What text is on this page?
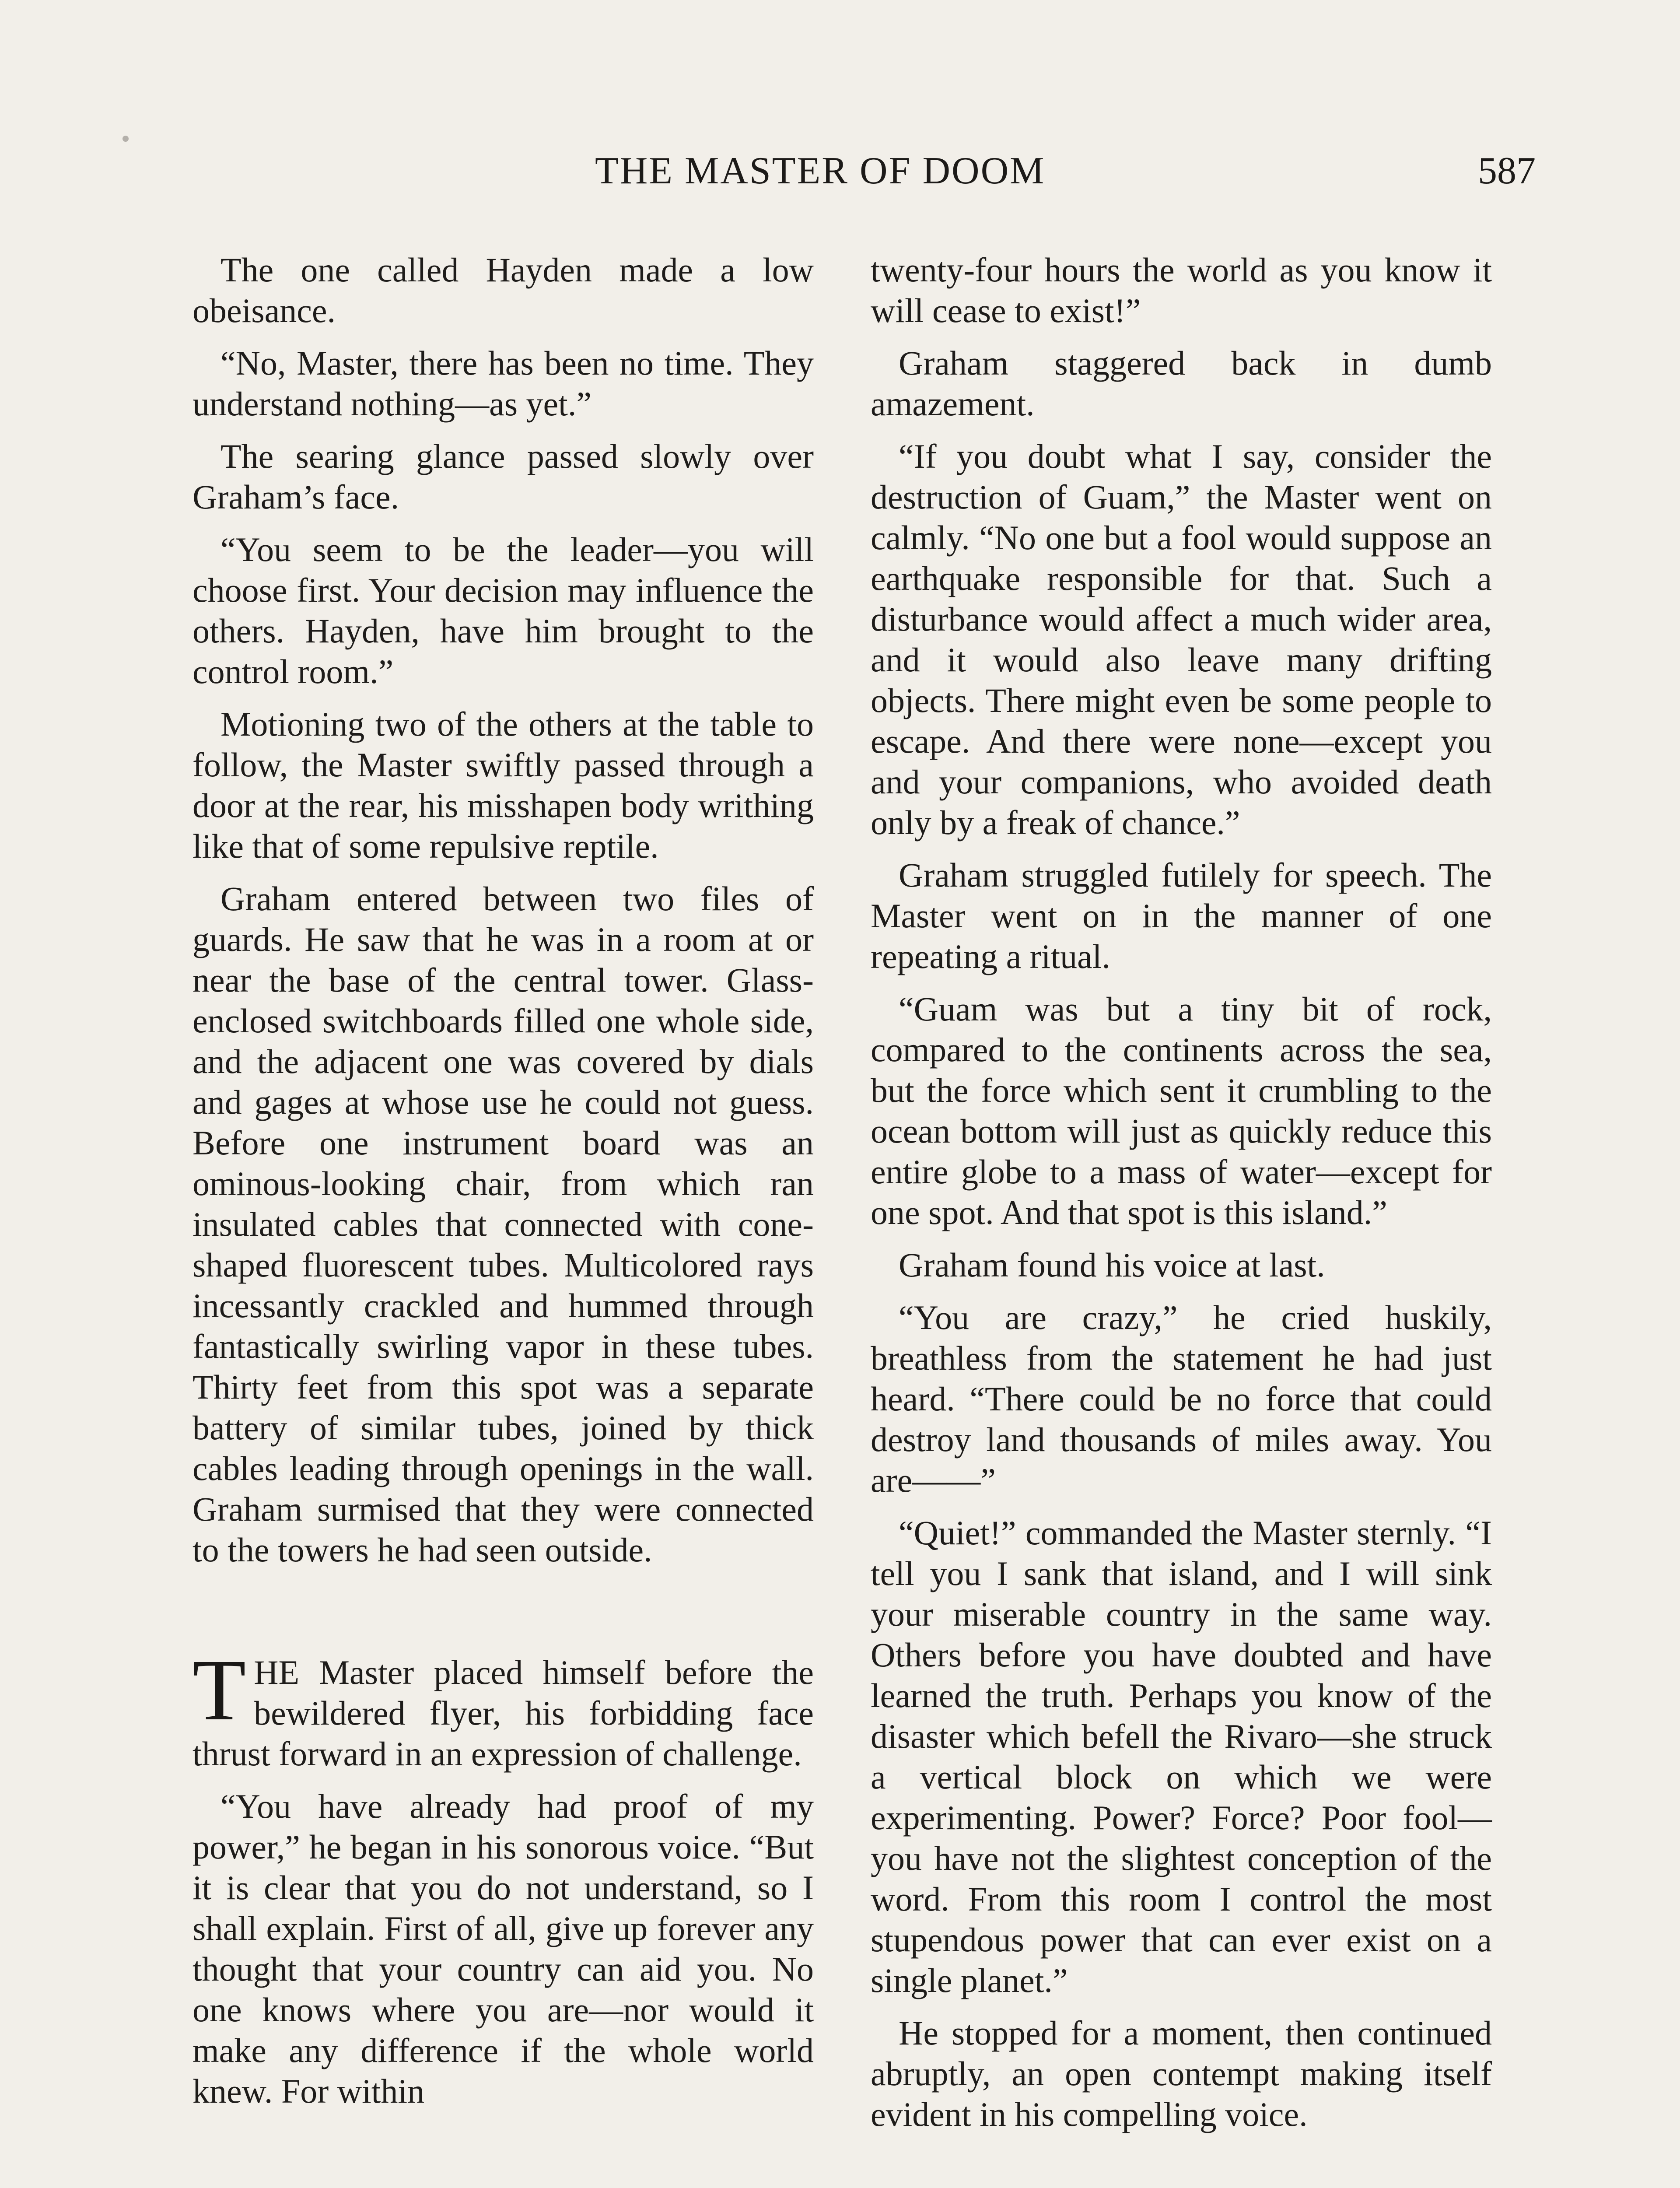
THE MASTER OF DOOM	587

The one called Hayden made a low obeisance.

“No, Master, there has been no time. They understand nothing—as yet.”

The searing glance passed slowly over Graham’s face.

“You seem to be the leader—you will choose first. Your decision may influence the others. Hayden, have him brought to the control room.”

Motioning two of the others at the table to follow, the Master swiftly passed through a door at the rear, his misshapen body writhing like that of some repulsive reptile.

Graham entered between two files of guards. He saw that he was in a room at or near the base of the central tower. Glass-enclosed switchboards filled one whole side, and the adjacent one was covered by dials and gages at whose use he could not guess. Before one instrument board was an ominous-looking chair, from which ran insulated cables that connected with cone-shaped fluorescent tubes. Multicolored rays incessantly crackled and hummed through fantastically swirling vapor in these tubes. Thirty feet from this spot was a separate battery of similar tubes, joined by thick cables leading through openings in the wall. Graham surmised that they were connected to the towers he had seen outside.

THE Master placed himself before the bewildered flyer, his forbidding face thrust forward in an expression of challenge.

“You have already had proof of my power,” he began in his sonorous voice. “But it is clear that you do not understand, so I shall explain. First of all, give up forever any thought that your country can aid you. No one knows where you are—nor would it make any difference if the whole world knew. For within

twenty-four hours the world as you know it will cease to exist!”

Graham staggered back in dumb amazement.

“If you doubt what I say, consider the destruction of Guam,” the Master went on calmly. “No one but a fool would suppose an earthquake responsible for that. Such a disturbance would affect a much wider area, and it would also leave many drifting objects. There might even be some people to escape. And there were none—except you and your companions, who avoided death only by a freak of chance.”

Graham struggled futilely for speech. The Master went on in the manner of one repeating a ritual.

“Guam was but a tiny bit of rock, compared to the continents across the sea, but the force which sent it crumbling to the ocean bottom will just as quickly reduce this entire globe to a mass of water—except for one spot. And that spot is this island.”

Graham found his voice at last.

“You are crazy,” he cried huskily, breathless from the statement he had just heard. “There could be no force that could destroy land thousands of miles away. You are——”

“Quiet!” commanded the Master sternly. “I tell you I sank that island, and I will sink your miserable country in the same way. Others before you have doubted and have learned the truth. Perhaps you know of the disaster which befell the Rivaro—she struck a vertical block on which we were experimenting. Power? Force? Poor fool—you have not the slightest conception of the word. From this room I control the most stupendous power that can ever exist on a single planet.”

He stopped for a moment, then continued abruptly, an open contempt making itself evident in his compelling voice.
